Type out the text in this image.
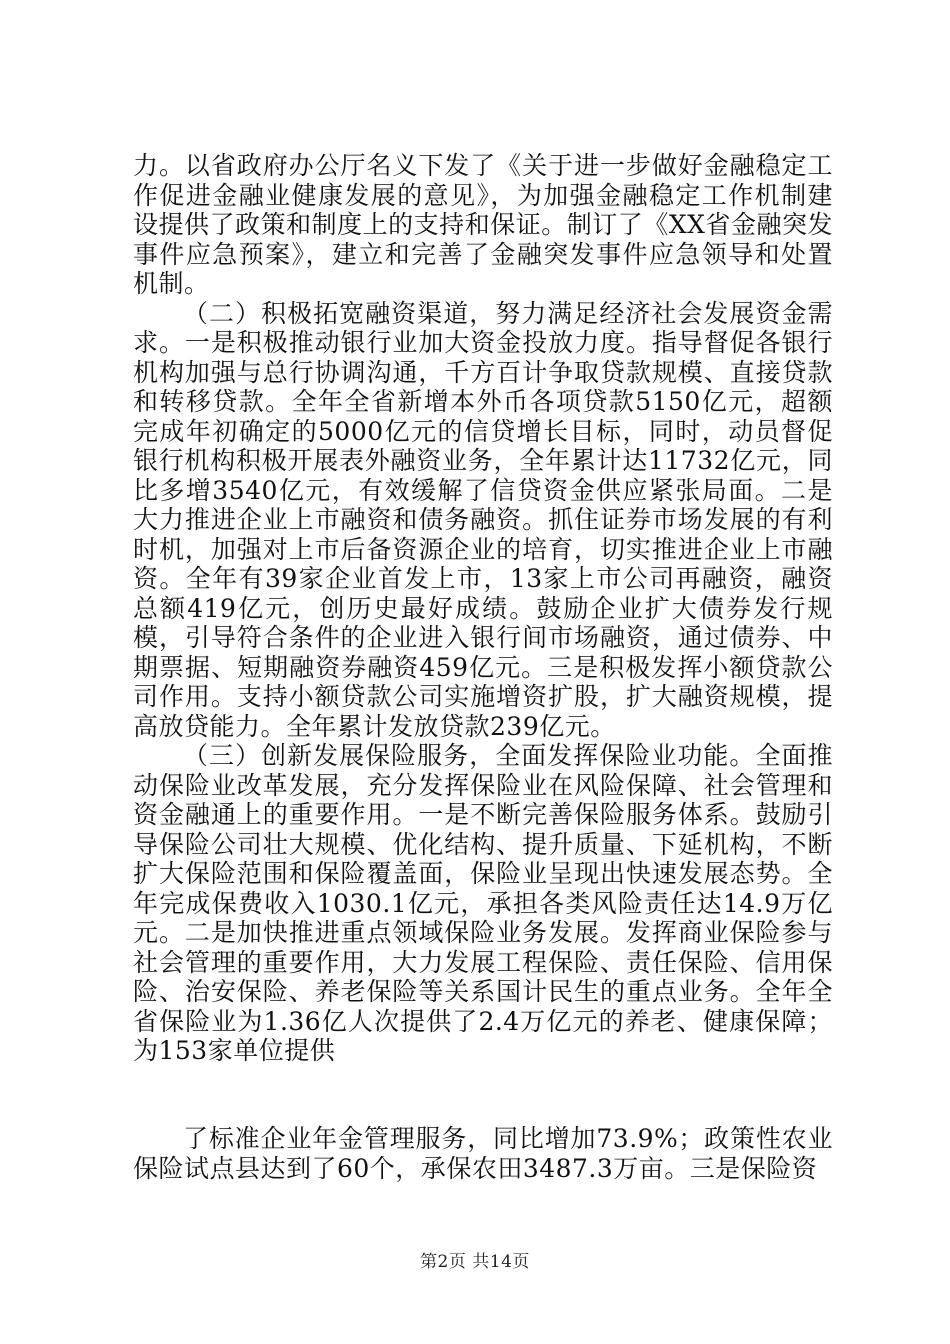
力。以省政府办公厅名义下发了《关于进一步做好金融稳定工作促进金融业健康发展的意见》，为加强金融稳定工作机制建设提供了政策和制度上的支持和保证。制订了《XX省金融突发事件应急预案》，建立和完善了金融突发事件应急领导和处置机制。

（二）积极拓宽融资渠道，努力满足经济社会发展资金需求。一是积极推动银行业加大资金投放力度。指导督促各银行机构加强与总行协调沟通，千方百计争取贷款规模、直接贷款和转移贷款。全年全省新增本外币各项贷款5150亿元，超额完成年初确定的5000亿元的信贷增长目标，同时，动员督促银行机构积极开展表外融资业务，全年累计达11732亿元，同比多增3540亿元，有效缓解了信贷资金供应紧张局面。二是大力推进企业上市融资和债务融资。抓住证券市场发展的有利时机，加强对上市后备资源企业的培育，切实推进企业上市融资。全年有39家企业首发上市，13家上市公司再融资，融资总额419亿元，创历史最好成绩。鼓励企业扩大债券发行规模，引导符合条件的企业进入银行间市场融资，通过债券、中期票据、短期融资券融资459亿元。三是积极发挥小额贷款公司作用。支持小额贷款公司实施增资扩股，扩大融资规模，提高放贷能力。全年累计发放贷款239亿元。

（三）创新发展保险服务，全面发挥保险业功能。全面推动保险业改革发展，充分发挥保险业在风险保障、社会管理和资金融通上的重要作用。一是不断完善保险服务体系。鼓励引导保险公司壮大规模、优化结构、提升质量、下延机构，不断扩大保险范围和保险覆盖面，保险业呈现出快速发展态势。全年完成保费收入1030.1亿元，承担各类风险责任达14.9万亿元。二是加快推进重点领域保险业务发展。发挥商业保险参与社会管理的重要作用，大力发展工程保险、责任保险、信用保险、治安保险、养老保险等关系国计民生的重点业务。全年全省保险业为1.36亿人次提供了2.4万亿元的养老、健康保障；为153家单位提供

了标准企业年金管理服务，同比增加73.9%；政策性农业保险试点县达到了60个，承保农田3487.3万亩。三是保险资

第2页 共14页
